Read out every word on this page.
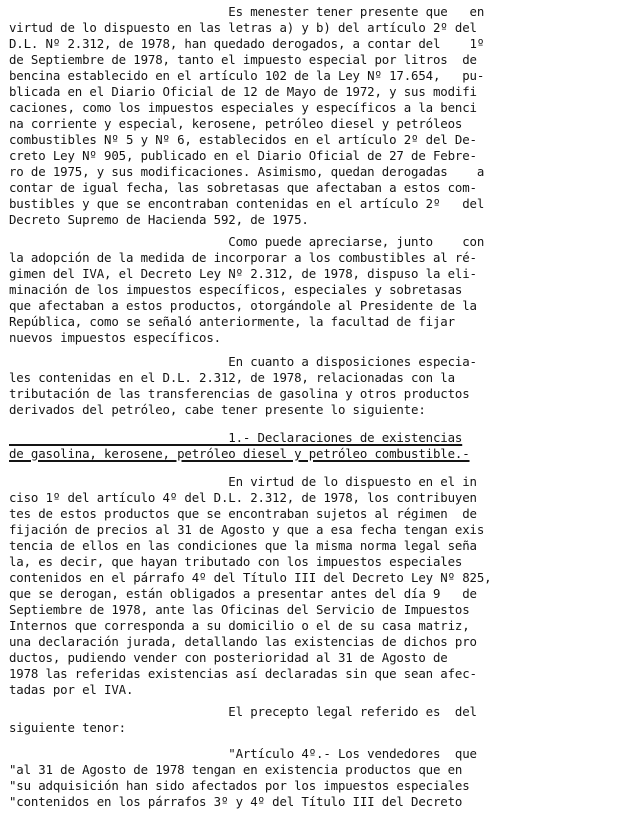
Es menester tener presente que   en

virtud de lo dispuesto en las letras a) y b) del artículo 2º del

D.L. Nº 2.312, de 1978, han quedado derogados, a contar del    1º

de Septiembre de 1978, tanto el impuesto especial por litros  de

bencina establecido en el artículo 102 de la Ley Nº 17.654,   pu-

blicada en el Diario Oficial de 12 de Mayo de 1972, y sus modifi

caciones, como los impuestos especiales y específicos a la benci

na corriente y especial, kerosene, petróleo diesel y petróleos

combustibles Nº 5 y Nº 6, establecidos en el artículo 2º del De-

creto Ley Nº 905, publicado en el Diario Oficial de 27 de Febre-

ro de 1975, y sus modificaciones. Asimismo, quedan derogadas    a

contar de igual fecha, las sobretasas que afectaban a estos com-

bustibles y que se encontraban contenidas en el artículo 2º   del

Decreto Supremo de Hacienda 592, de 1975.

Como puede apreciarse, junto    con

la adopción de la medida de incorporar a los combustibles al ré-

gimen del IVA, el Decreto Ley Nº 2.312, de 1978, dispuso la eli-

minación de los impuestos específicos, especiales y sobretasas

que afectaban a estos productos, otorgándole al Presidente de la

República, como se señaló anteriormente, la facultad de fijar

nuevos impuestos específicos.

En cuanto a disposiciones especia-

les contenidas en el D.L. 2.312, de 1978, relacionadas con la

tributación de las transferencias de gasolina y otros productos

derivados del petróleo, cabe tener presente lo siguiente:

1.- Declaraciones de existencias

de gasolina, kerosene, petróleo diesel y petróleo combustible.-

En virtud de lo dispuesto en el in

ciso 1º del artículo 4º del D.L. 2.312, de 1978, los contribuyen

tes de estos productos que se encontraban sujetos al régimen  de

fijación de precios al 31 de Agosto y que a esa fecha tengan exis

tencia de ellos en las condiciones que la misma norma legal seña

la, es decir, que hayan tributado con los impuestos especiales

contenidos en el párrafo 4º del Título III del Decreto Ley Nº 825,

que se derogan, están obligados a presentar antes del día 9   de

Septiembre de 1978, ante las Oficinas del Servicio de Impuestos

Internos que corresponda a su domicilio o el de su casa matriz,

una declaración jurada, detallando las existencias de dichos pro

ductos, pudiendo vender con posterioridad al 31 de Agosto de

1978 las referidas existencias así declaradas sin que sean afec-

tadas por el IVA.

El precepto legal referido es  del

siguiente tenor:

"Artículo 4º.- Los vendedores  que

"al 31 de Agosto de 1978 tengan en existencia productos que en

"su adquisición han sido afectados por los impuestos especiales

"contenidos en los párrafos 3º y 4º del Título III del Decreto
